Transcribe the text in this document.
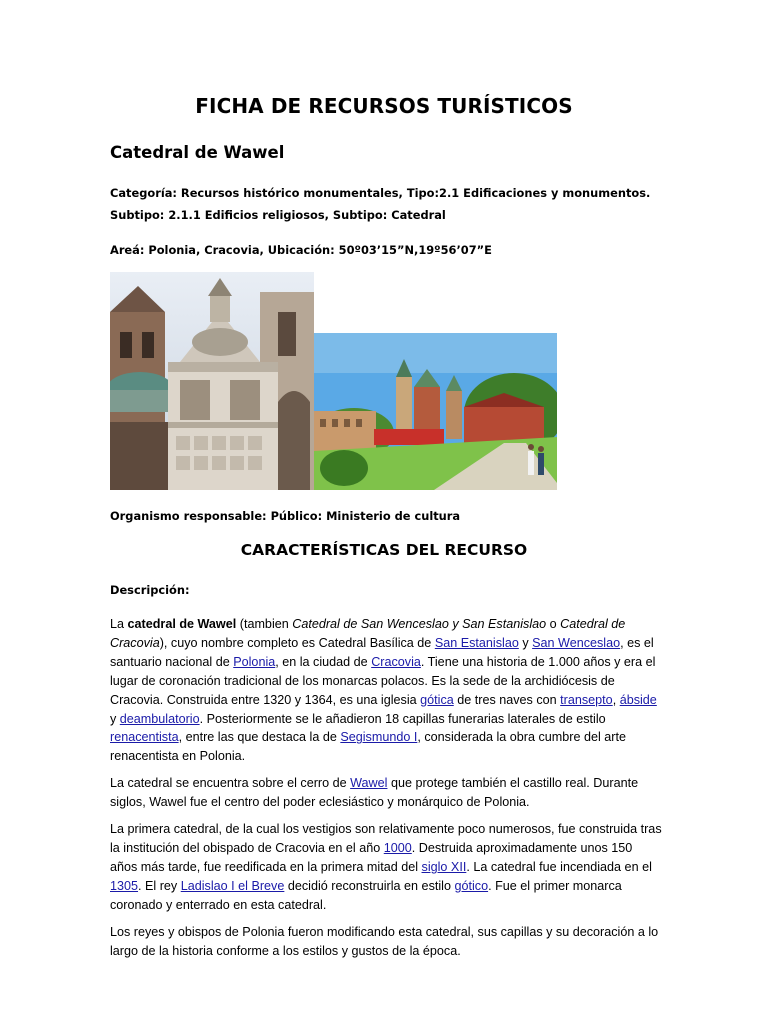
FICHA DE RECURSOS TURÍSTICOS
Catedral de Wawel
Categoría: Recursos histórico monumentales, Tipo:2.1 Edificaciones y monumentos.
Subtipo: 2.1.1 Edificios religiosos, Subtipo: Catedral
Areá: Polonia, Cracovia, Ubicación: 50º03’15”N,19º56’07”E
Organismo responsable: Público: Ministerio de cultura
CARACTERÍSTICAS DEL RECURSO
Descripción:

La catedral de Wawel (tambien Catedral de San Wenceslao y San Estanislao o Catedral de Cracovia), cuyo nombre completo es Catedral Basílica de San Estanislao y San Wenceslao, es el santuario nacional de Polonia, en la ciudad de Cracovia. Tiene una historia de 1.000 años y era el lugar de coronación tradicional de los monarcas polacos. Es la sede de la archidiócesis de Cracovia. Construida entre 1320 y 1364, es una iglesia gótica de tres naves con transepto, ábside y deambulatorio. Posteriormente se le añadieron 18 capillas funerarias laterales de estilo renacentista, entre las que destaca la de Segismundo I, considerada la obra cumbre del arte renacentista en Polonia.

La catedral se encuentra sobre el cerro de Wawel que protege también el castillo real. Durante siglos, Wawel fue el centro del poder eclesiástico y monárquico de Polonia.

La primera catedral, de la cual los vestigios son relativamente poco numerosos, fue construida tras la institución del obispado de Cracovia en el año 1000. Destruida aproximadamente unos 150 años más tarde, fue reedificada en la primera mitad del siglo XII. La catedral fue incendiada en el 1305. El rey Ladislao I el Breve decidió reconstruirla en estilo gótico. Fue el primer monarca coronado y enterrado en esta catedral.

Los reyes y obispos de Polonia fueron modificando esta catedral, sus capillas y su decoración a lo largo de la historia conforme a los estilos y gustos de la época.
